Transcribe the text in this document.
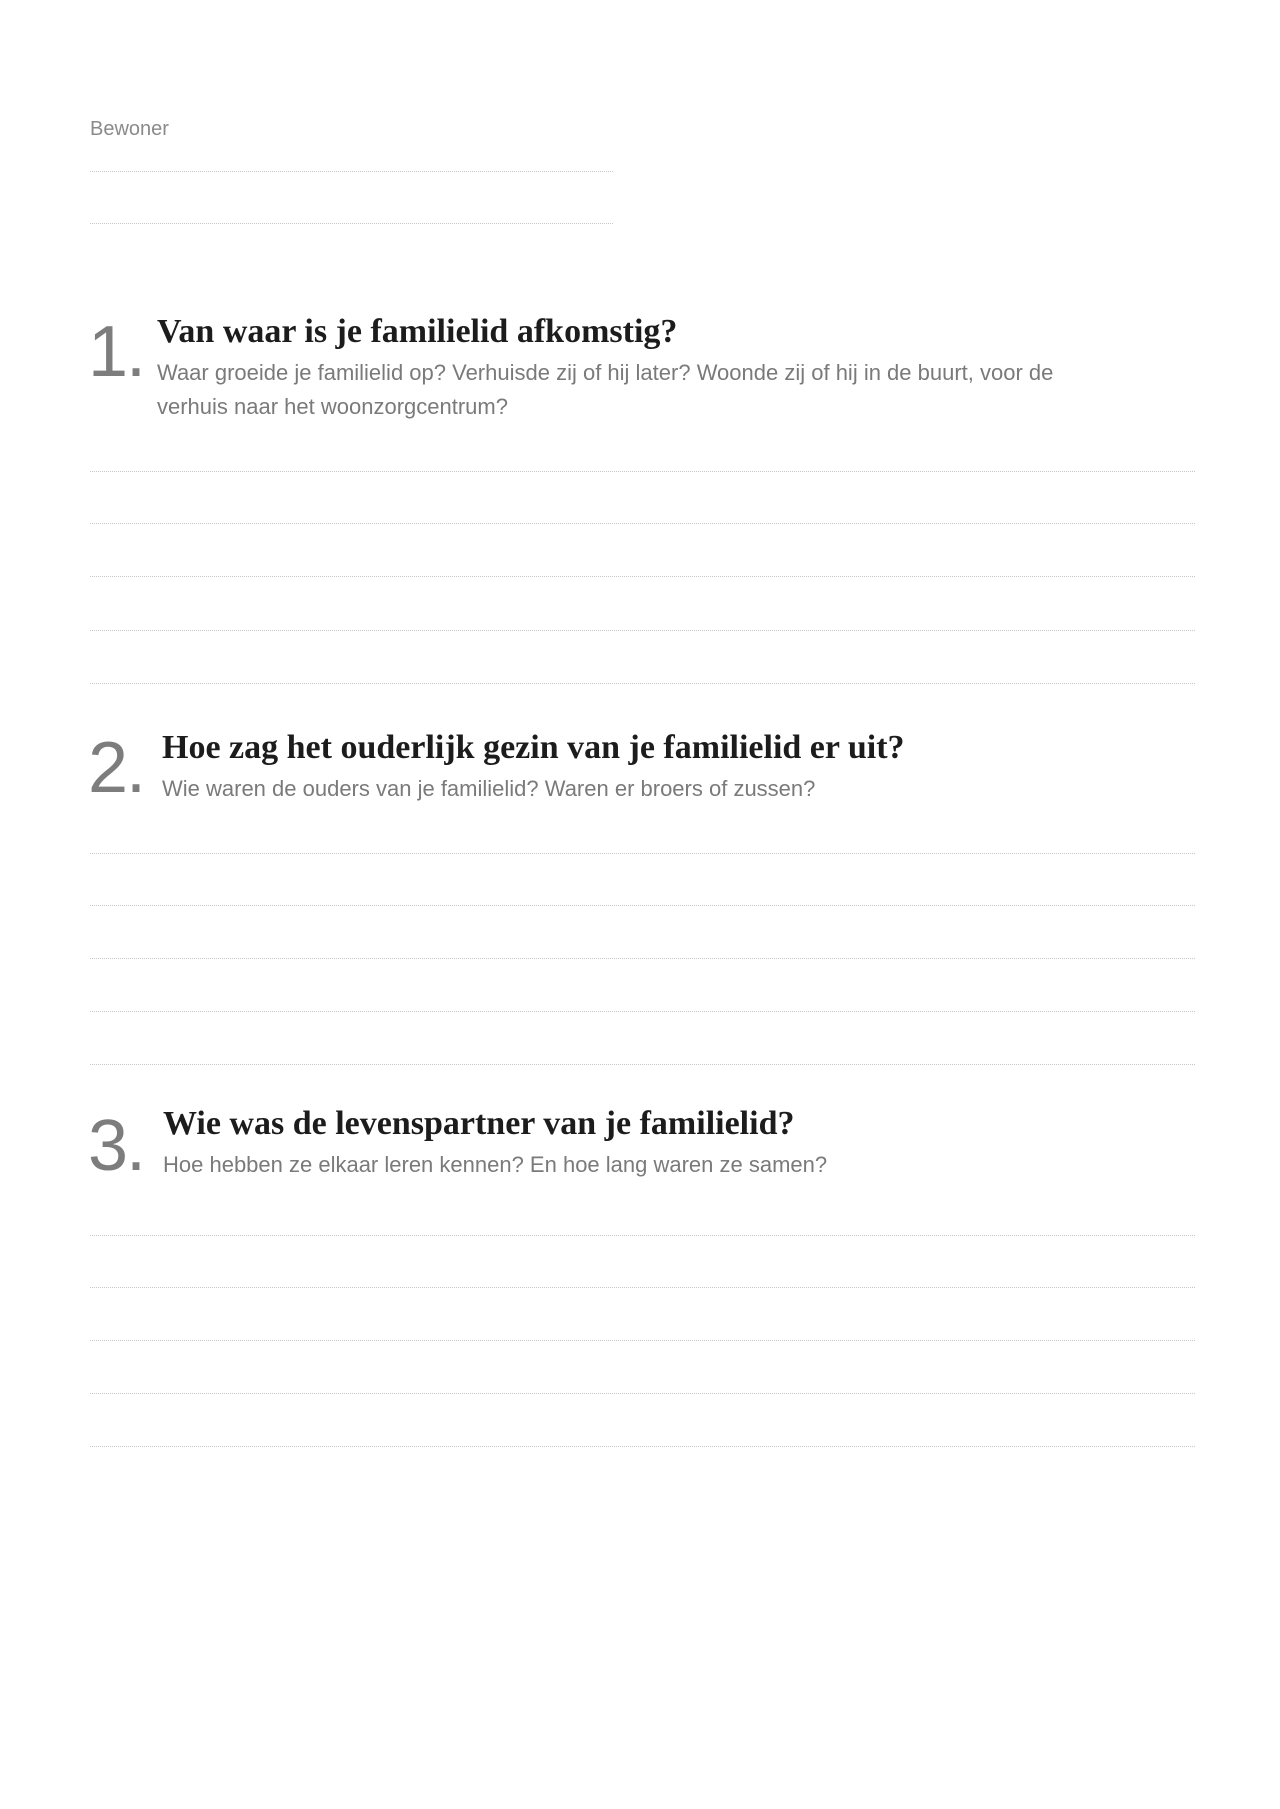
Bewoner
1. Van waar is je familielid afkomstig?
Waar groeide je familielid op? Verhuisde zij of hij later? Woonde zij of hij in de buurt, voor de
verhuis naar het woonzorgcentrum?
2. Hoe zag het ouderlijk gezin van je familielid er uit?
Wie waren de ouders van je familielid? Waren er broers of zussen?
3. Wie was de levenspartner van je familielid?
Hoe hebben ze elkaar leren kennen? En hoe lang waren ze samen?
